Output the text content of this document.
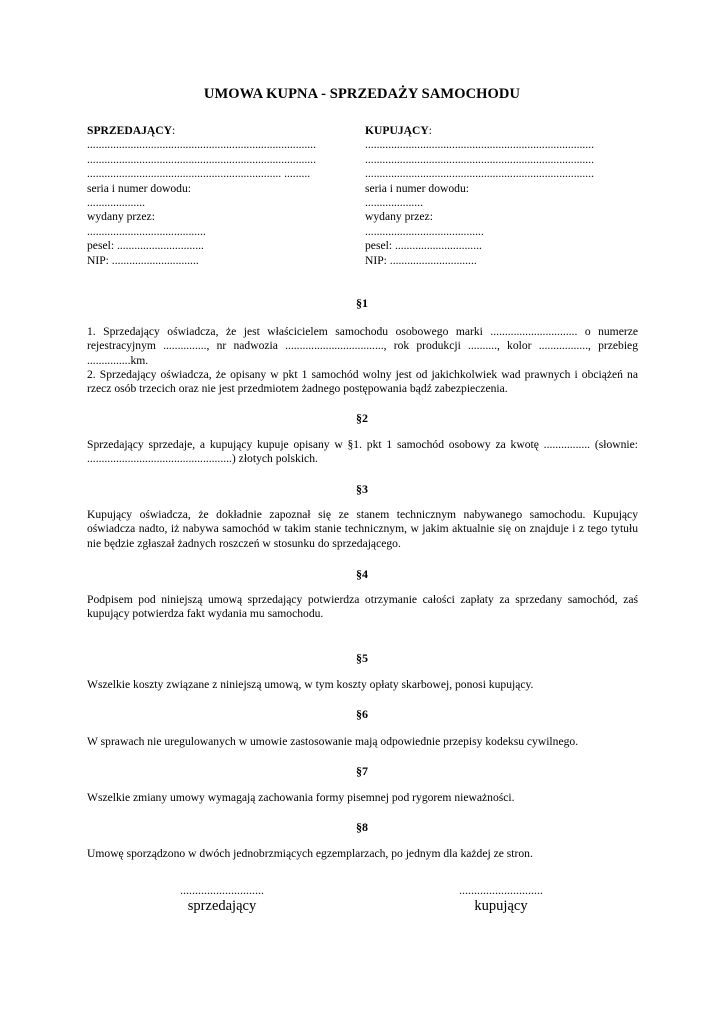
UMOWA KUPNA - SPRZEDAŻY SAMOCHODU
SPRZEDAJĄCY:
...............................................................................
...............................................................................
................................................................... .........
seria i numer dowodu:
....................
wydany przez:
.........................................
pesel: ..............................
NIP: ..............................
KUPUJĄCY:
...............................................................................
...............................................................................
...............................................................................
seria i numer dowodu:
....................
wydany przez:
.........................................
pesel: ..............................
NIP: ..............................
§1
1. Sprzedający oświadcza, że jest właścicielem samochodu osobowego marki .............................. o numerze rejestracyjnym ..............., nr nadwozia .................................., rok produkcji .........., kolor ................., przebieg ...............km.
2. Sprzedający oświadcza, że opisany w pkt 1 samochód wolny jest od jakichkolwiek wad prawnych i obciążeń na rzecz osób trzecich oraz nie jest przedmiotem żadnego postępowania bądź zabezpieczenia.
§2
Sprzedający sprzedaje, a kupujący kupuje opisany w §1. pkt 1 samochód osobowy za kwotę ................ (słownie: ..................................................) złotych polskich.
§3
Kupujący oświadcza, że dokładnie zapoznał się ze stanem technicznym nabywanego samochodu. Kupujący oświadcza nadto, iż nabywa samochód w takim stanie technicznym, w jakim aktualnie się on znajduje i z tego tytułu nie będzie zgłaszał żadnych roszczeń w stosunku do sprzedającego.
§4
Podpisem pod niniejszą umową sprzedający potwierdza otrzymanie całości zapłaty za sprzedany samochód, zaś kupujący potwierdza fakt wydania mu samochodu.
§5
Wszelkie koszty związane z niniejszą umową, w tym koszty opłaty skarbowej, ponosi kupujący.
§6
W sprawach nie uregulowanych w umowie zastosowanie mają odpowiednie przepisy kodeksu cywilnego.
§7
Wszelkie zmiany umowy wymagają zachowania formy pisemnej pod rygorem nieważności.
§8
Umowę sporządzono w dwóch jednobrzmiących egzemplarzach, po jednym dla każdej ze stron.
............................
sprzedający
............................
kupujący
